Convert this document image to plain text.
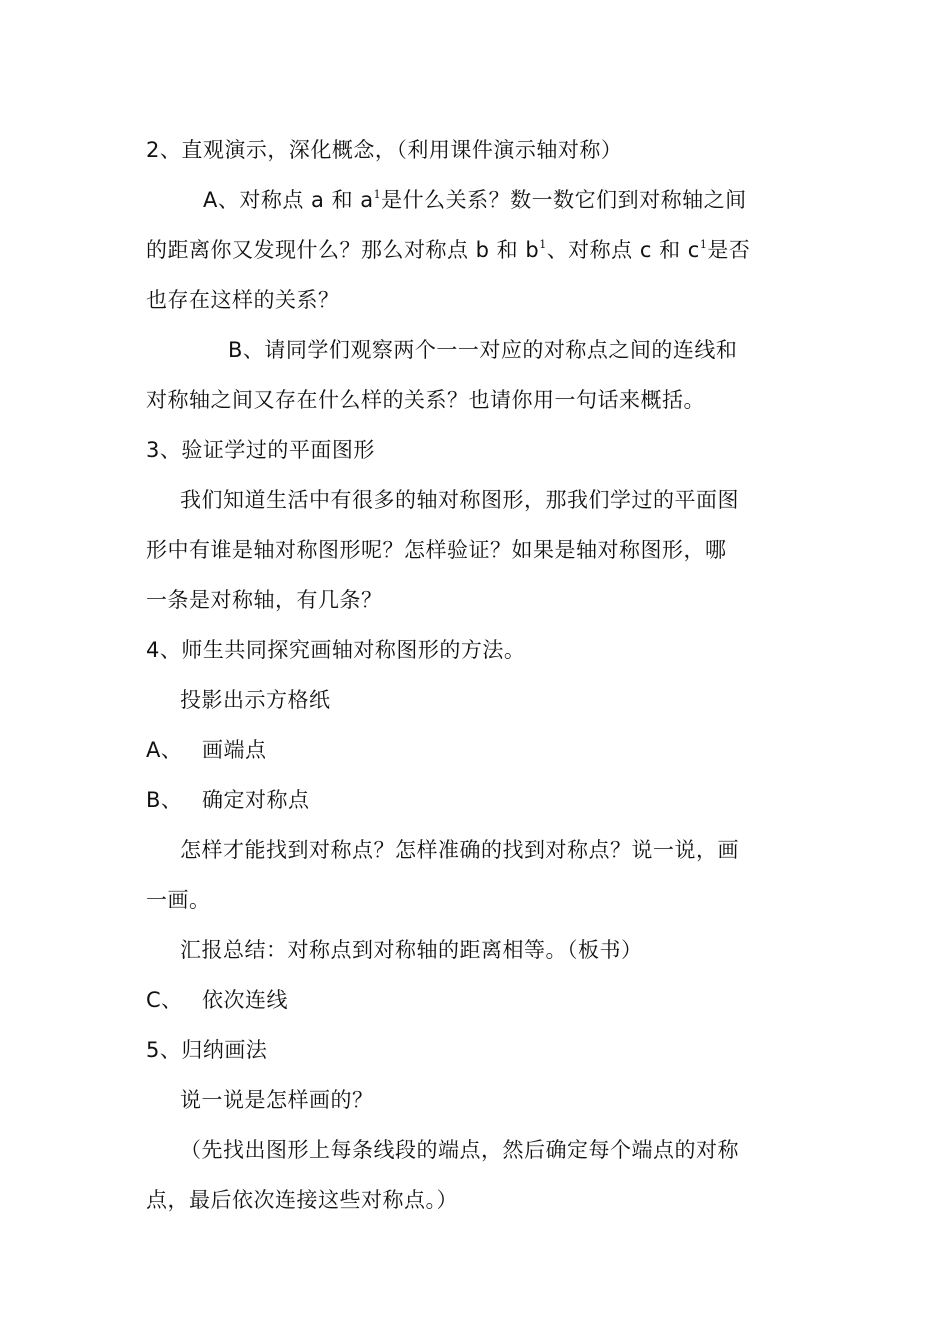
2、直观演示，深化概念，（利用课件演示轴对称）
A、对称点 a 和 $a^1$是什么关系？数一数它们到对称轴之间
的距离你又发现什么？那么对称点 b 和 $b^1$、对称点 c 和 $c^1$是否
也存在这样的关系？
B、请同学们观察两个一一对应的对称点之间的连线和
对称轴之间又存在什么样的关系？也请你用一句话来概括。
3、验证学过的平面图形
我们知道生活中有很多的轴对称图形，那我们学过的平面图
形中有谁是轴对称图形呢？怎样验证？如果是轴对称图形，哪
一条是对称轴，有几条？
4、师生共同探究画轴对称图形的方法。
投影出示方格纸
A、 画端点
B、 确定对称点
怎样才能找到对称点？怎样准确的找到对称点？说一说，画
一画。
汇报总结：对称点到对称轴的距离相等。（板书）
C、 依次连线
5、归纳画法
说一说是怎样画的？
（先找出图形上每条线段的端点，然后确定每个端点的对称
点，最后依次连接这些对称点。）
